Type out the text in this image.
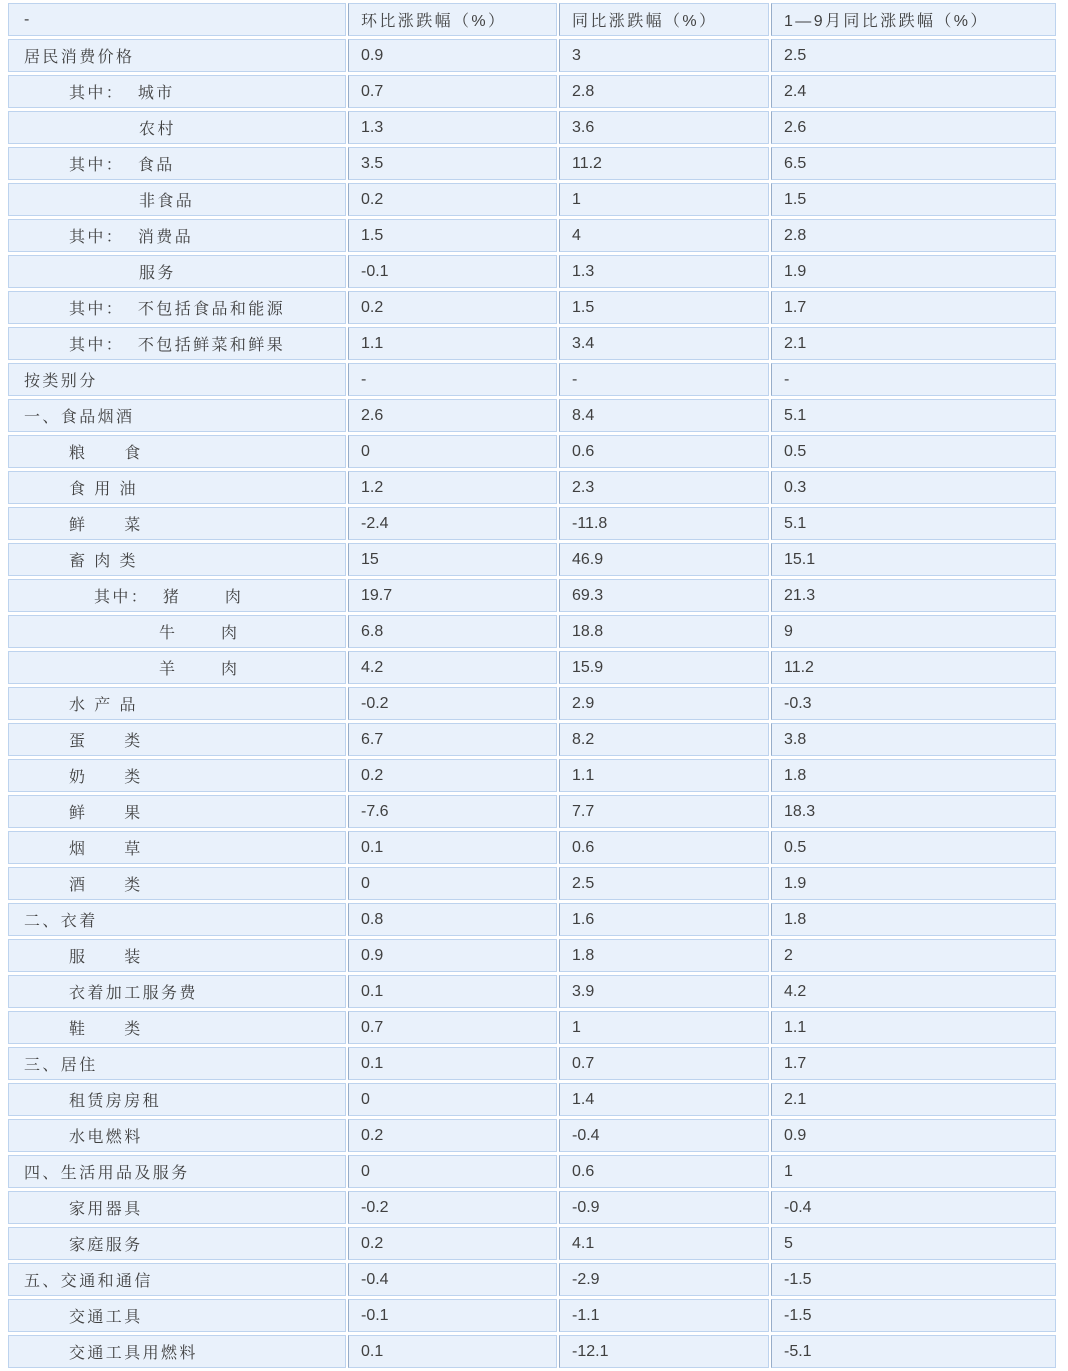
-	环比涨跌幅（%）	同比涨跌幅（%）	1—9月同比涨跌幅（%）
居民消费价格	0.9	3	2.5
其中：  城市	0.7	2.8	2.4
农村	1.3	3.6	2.6
其中：  食品	3.5	11.2	6.5
非食品	0.2	1	1.5
其中：  消费品	1.5	4	2.8
服务	-0.1	1.3	1.9
其中：  不包括食品和能源	0.2	1.5	1.7
其中：  不包括鲜菜和鲜果	1.1	3.4	2.1
按类别分	-	-	-
一、食品烟酒	2.6	8.4	5.1
粮　　食	0	0.6	0.5
食 用 油	1.2	2.3	0.3
鲜　　菜	-2.4	-11.8	5.1
畜 肉 类	15	46.9	15.1
其中：  猪　　 肉	19.7	69.3	21.3
牛　　 肉	6.8	18.8	9
羊　　 肉	4.2	15.9	11.2
水 产 品	-0.2	2.9	-0.3
蛋　　类	6.7	8.2	3.8
奶　　类	0.2	1.1	1.8
鲜　　果	-7.6	7.7	18.3
烟　　草	0.1	0.6	0.5
酒　　类	0	2.5	1.9
二、衣着	0.8	1.6	1.8
服　　装	0.9	1.8	2
衣着加工服务费	0.1	3.9	4.2
鞋　　类	0.7	1	1.1
三、居住	0.1	0.7	1.7
租赁房房租	0	1.4	2.1
水电燃料	0.2	-0.4	0.9
四、生活用品及服务	0	0.6	1
家用器具	-0.2	-0.9	-0.4
家庭服务	0.2	4.1	5
五、交通和通信	-0.4	-2.9	-1.5
交通工具	-0.1	-1.1	-1.5
交通工具用燃料	0.1	-12.1	-5.1
